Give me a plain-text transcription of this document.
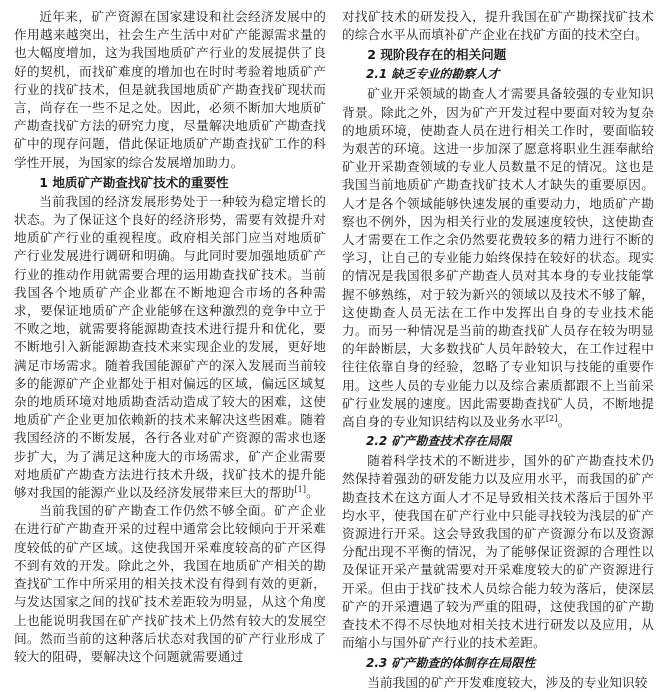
近年来，矿产资源在国家建设和社会经济发展中的作用越来越突出，社会生产生活中对矿产能源需求量的也大幅度增加，这为我国地质矿产行业的发展提供了良好的契机，而找矿难度的增加也在时时考验着地质矿产行业的找矿技术，但是就我国地质矿产勘查找矿现状而言，尚存在一些不足之处。因此，必须不断加大地质矿产勘查找矿方法的研究力度，尽量解决地质矿产勘查找矿中的现存问题，借此保证地质矿产勘查找矿工作的科学性开展，为国家的综合发展增加助力。

1 地质矿产勘查找矿技术的重要性

当前我国的经济发展形势处于一种较为稳定增长的状态。为了保证这个良好的经济形势，需要有效提升对地质矿产行业的重视程度。政府相关部门应当对地质矿产行业发展进行调研和明确。与此同时要加强地质矿产行业的推动作用就需要合理的运用勘查找矿技术。当前我国各个地质矿产企业都在不断地迎合市场的各种需求，要保证地质矿产企业能够在这种激烈的竞争中立于不败之地，就需要将能源勘查技术进行提升和优化，要不断地引入新能源勘查技术来实现企业的发展，更好地满足市场需求。随着我国能源矿产的深入发展而当前较多的能源矿产企业都处于相对偏远的区域，偏远区域复杂的地质环境对地质勘查活动造成了较大的困难，这使地质矿产企业更加依赖新的技术来解决这些困难。随着我国经济的不断发展，各行各业对矿产资源的需求也逐步扩大，为了满足这种庞大的市场需求，矿产企业需要对地质矿产勘查方法进行技术升级，找矿技术的提升能够对我国的能源产业以及经济发展带来巨大的帮助[1]。

当前我国的矿产勘查工作仍然不够全面。矿产企业在进行矿产勘查开采的过程中通常会比较倾向于开采难度较低的矿产区域。这使我国开采难度较高的矿产区得不到有效的开发。除此之外，我国在地质矿产相关的勘查找矿工作中所采用的相关技术没有得到有效的更新，与发达国家之间的找矿技术差距较为明显，从这个角度上也能说明我国在矿产找矿技术上仍然有较大的发展空间。然而当前的这种落后状态对我国的矿产行业形成了较大的阻碍，要解决这个问题就需要通过

对找矿技术的研发投入，提升我国在矿产勘探找矿技术的综合水平从而填补矿产企业在找矿方面的技术空白。

2 现阶段存在的相关问题
2.1 缺乏专业的勘察人才

矿业开采领域的勘查人才需要具备较强的专业知识背景。除此之外，因为矿产开发过程中要面对较为复杂的地质环境，使勘查人员在进行相关工作时，要面临较为艰苦的环境。这进一步加深了愿意将职业生涯奉献给矿业开采勘查领域的专业人员数量不足的情况。这也是我国当前地质矿产勘查找矿技术人才缺失的重要原因。人才是各个领域能够快速发展的重要动力，地质矿产勘察也不例外，因为相关行业的发展速度较快，这使勘查人才需要在工作之余仍然要花费较多的精力进行不断的学习，让自己的专业能力始终保持在较好的状态。现实的情况是我国很多矿产勘查人员对其本身的专业技能掌握不够熟练，对于较为新兴的领域以及技术不够了解，这使勘查人员无法在工作中发挥出自身的专业技术能力。而另一种情况是当前的勘查找矿人员存在较为明显的年龄断层，大多数找矿人员年龄较大，在工作过程中往往依靠自身的经验，忽略了专业知识与技能的重要作用。这些人员的专业能力以及综合素质都跟不上当前采矿行业发展的速度。因此需要勘查找矿人员，不断地提高自身的专业知识结构以及业务水平[2]。

2.2 矿产勘查技术存在局限

随着科学技术的不断进步，国外的矿产勘查技术仍然保持着强劲的研发能力以及应用水平，而我国的矿产勘查技术在这方面人才不足导致相关技术落后于国外平均水平，使我国在矿产行业中只能寻找较为浅层的矿产资源进行开采。这会导致我国的矿产资源分布以及资源分配出现不平衡的情况，为了能够保证资源的合理性以及保证开采产量就需要对开采难度较大的矿产资源进行开采。但由于找矿技术人员综合能力较为落后，使深层矿产的开采遭遇了较为严重的阻碍，这使我国的矿产勘查技术不得不尽快地对相关技术进行研发以及应用，从而缩小与国外矿产行业的技术差距。

2.3 矿产勘查的体制存在局限性

当前我国的矿产开发难度较大，涉及的专业知识较
